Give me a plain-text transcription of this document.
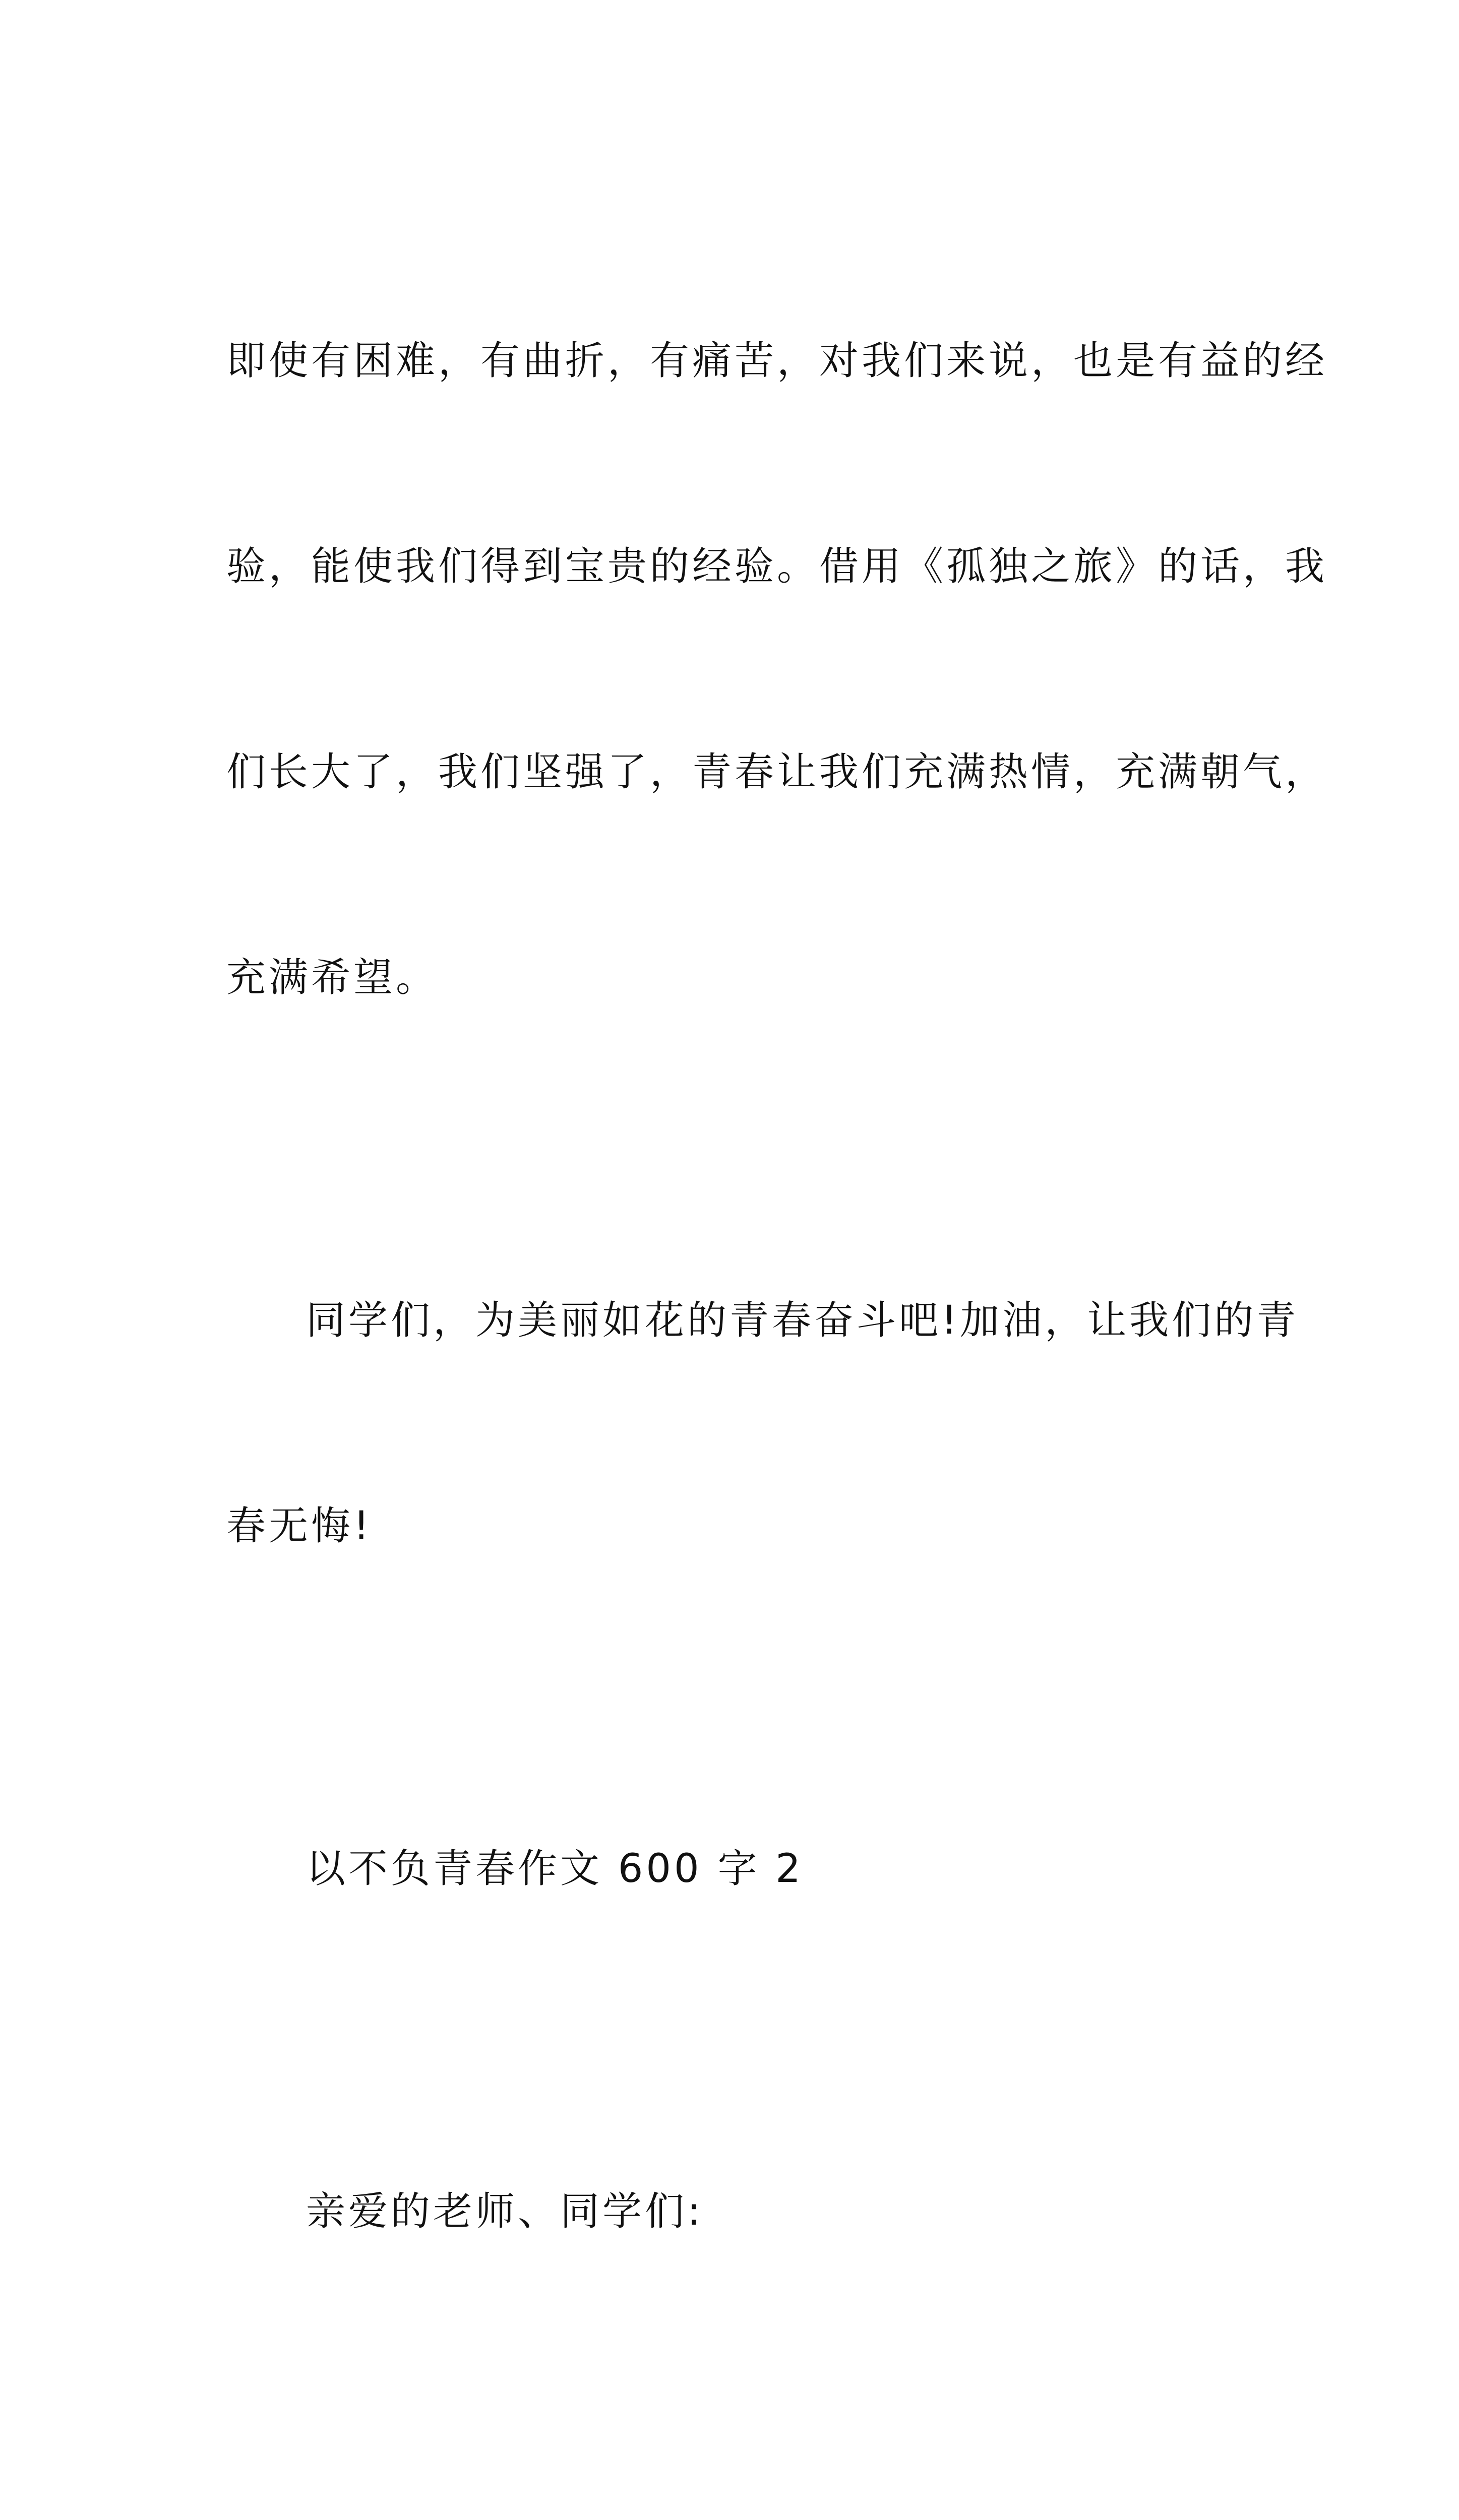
即使有困难，有曲折，有痛苦，对我们来说，也是有益的经

验，能使我们得到宝贵的经验。借用《孤独之旅》的话，我

们长大了，我们坚强了，青春让我们充满热情，充满朝气，

充满希望。

同学们，为美丽如花的青春奋斗吧!加油，让我们的青

春无悔!

以不负青春作文 600 字 2

亲爱的老师、同学们:
